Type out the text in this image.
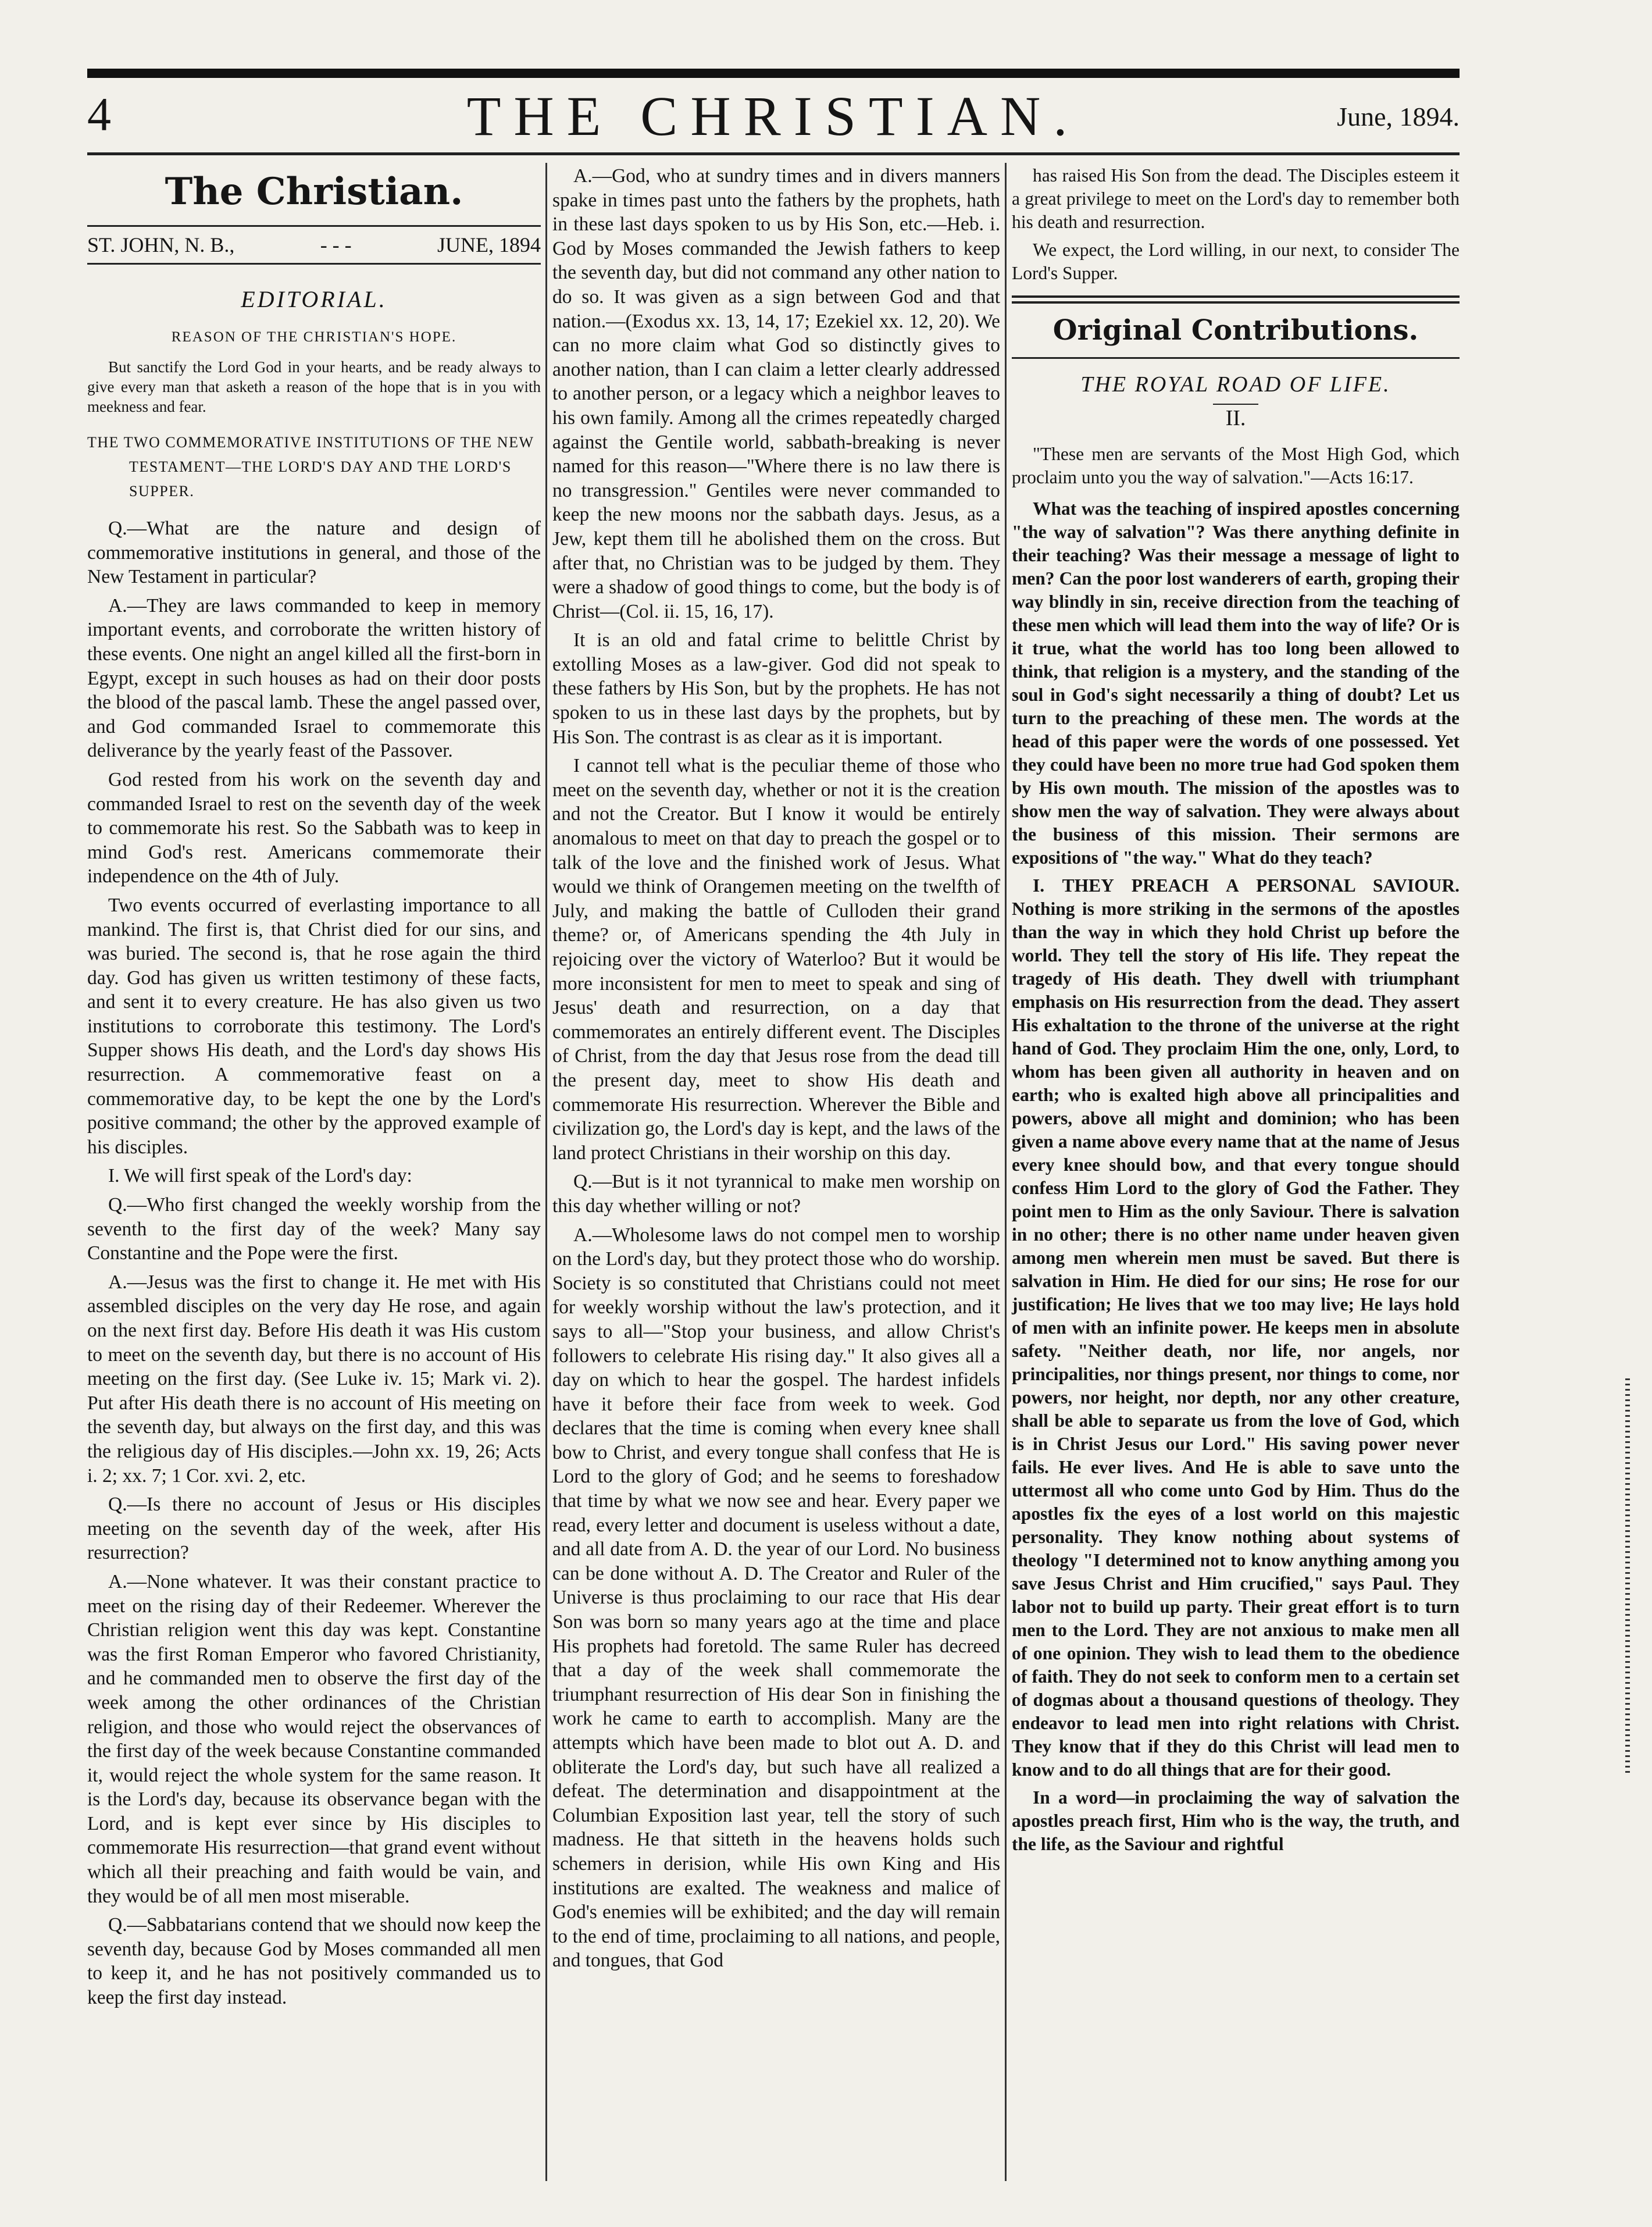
4	THE CHRISTIAN.	June, 1894.
The Christian.
ST. JOHN, N. B.,	- - -	JUNE, 1894
EDITORIAL.
REASON OF THE CHRISTIAN'S HOPE.

But sanctify the Lord God in your hearts, and be ready always to give every man that asketh a reason of the hope that is in you with meekness and fear.

THE TWO COMMEMORATIVE INSTITUTIONS OF THE NEW TESTAMENT—THE LORD'S DAY AND THE LORD'S SUPPER.

Q.—What are the nature and design of commemorative institutions in general, and those of the New Testament in particular?

A.—They are laws commanded to keep in memory important events, and corroborate the written history of these events. One night an angel killed all the first-born in Egypt, except in such houses as had on their door posts the blood of the pascal lamb. These the angel passed over, and God commanded Israel to commemorate this deliverance by the yearly feast of the Passover.

God rested from his work on the seventh day and commanded Israel to rest on the seventh day of the week to commemorate his rest. So the Sabbath was to keep in mind God's rest. Americans commemorate their independence on the 4th of July.

Two events occurred of everlasting importance to all mankind. The first is, that Christ died for our sins, and was buried. The second is, that he rose again the third day. God has given us written testimony of these facts, and sent it to every creature. He has also given us two institutions to corroborate this testimony. The Lord's Supper shows His death, and the Lord's day shows His resurrection. A commemorative feast on a commemorative day, to be kept the one by the Lord's positive command; the other by the approved example of his disciples.

I. We will first speak of the Lord's day:

Q.—Who first changed the weekly worship from the seventh to the first day of the week? Many say Constantine and the Pope were the first.

A.—Jesus was the first to change it. He met with His assembled disciples on the very day He rose, and again on the next first day. Before His death it was His custom to meet on the seventh day, but there is no account of His meeting on the first day. (See Luke iv. 15; Mark vi. 2). Put after His death there is no account of His meeting on the seventh day, but always on the first day, and this was the religious day of His disciples.—John xx. 19, 26; Acts i. 2; xx. 7; 1 Cor. xvi. 2, etc.

Q.—Is there no account of Jesus or His disciples meeting on the seventh day of the week, after His resurrection?

A.—None whatever. It was their constant practice to meet on the rising day of their Redeemer. Wherever the Christian religion went this day was kept. Constantine was the first Roman Emperor who favored Christianity, and he commanded men to observe the first day of the week among the other ordinances of the Christian religion, and those who would reject the observances of the first day of the week because Constantine commanded it, would reject the whole system for the same reason. It is the Lord's day, because its observance began with the Lord, and is kept ever since by His disciples to commemorate His resurrection—that grand event without which all their preaching and faith would be vain, and they would be of all men most miserable.

Q.—Sabbatarians contend that we should now keep the seventh day, because God by Moses commanded all men to keep it, and he has not positively commanded us to keep the first day instead.

A.—God, who at sundry times and in divers manners spake in times past unto the fathers by the prophets, hath in these last days spoken to us by His Son, etc.—Heb. i. God by Moses commanded the Jewish fathers to keep the seventh day, but did not command any other nation to do so. It was given as a sign between God and that nation.—(Exodus xx. 13, 14, 17; Ezekiel xx. 12, 20). We can no more claim what God so distinctly gives to another nation, than I can claim a letter clearly addressed to another person, or a legacy which a neighbor leaves to his own family. Among all the crimes repeatedly charged against the Gentile world, sabbath-breaking is never named for this reason—"Where there is no law there is no transgression." Gentiles were never commanded to keep the new moons nor the sabbath days. Jesus, as a Jew, kept them till he abolished them on the cross. But after that, no Christian was to be judged by them. They were a shadow of good things to come, but the body is of Christ—(Col. ii. 15, 16, 17).

It is an old and fatal crime to belittle Christ by extolling Moses as a law-giver. God did not speak to these fathers by His Son, but by the prophets. He has not spoken to us in these last days by the prophets, but by His Son. The contrast is as clear as it is important.

I cannot tell what is the peculiar theme of those who meet on the seventh day, whether or not it is the creation and not the Creator. But I know it would be entirely anomalous to meet on that day to preach the gospel or to talk of the love and the finished work of Jesus. What would we think of Orangemen meeting on the twelfth of July, and making the battle of Culloden their grand theme? or, of Americans spending the 4th July in rejoicing over the victory of Waterloo? But it would be more inconsistent for men to meet to speak and sing of Jesus' death and resurrection, on a day that commemorates an entirely different event. The Disciples of Christ, from the day that Jesus rose from the dead till the present day, meet to show His death and commemorate His resurrection. Wherever the Bible and civilization go, the Lord's day is kept, and the laws of the land protect Christians in their worship on this day.

Q.—But is it not tyrannical to make men worship on this day whether willing or not?

A.—Wholesome laws do not compel men to worship on the Lord's day, but they protect those who do worship. Society is so constituted that Christians could not meet for weekly worship without the law's protection, and it says to all—"Stop your business, and allow Christ's followers to celebrate His rising day." It also gives all a day on which to hear the gospel. The hardest infidels have it before their face from week to week. God declares that the time is coming when every knee shall bow to Christ, and every tongue shall confess that He is Lord to the glory of God; and he seems to foreshadow that time by what we now see and hear. Every paper we read, every letter and document is useless without a date, and all date from A. D. the year of our Lord. No business can be done without A. D. The Creator and Ruler of the Universe is thus proclaiming to our race that His dear Son was born so many years ago at the time and place His prophets had foretold. The same Ruler has decreed that a day of the week shall commemorate the triumphant resurrection of His dear Son in finishing the work he came to earth to accomplish. Many are the attempts which have been made to blot out A. D. and obliterate the Lord's day, but such have all realized a defeat. The determination and disappointment at the Columbian Exposition last year, tell the story of such madness. He that sitteth in the heavens holds such schemers in derision, while His own King and His institutions are exalted. The weakness and malice of God's enemies will be exhibited; and the day will remain to the end of time, proclaiming to all nations, and people, and tongues, that God

has raised His Son from the dead. The Disciples esteem it a great privilege to meet on the Lord's day to remember both his death and resurrection.

We expect, the Lord willing, in our next, to consider The Lord's Supper.

Original Contributions.
THE ROYAL ROAD OF LIFE.
II.

"These men are servants of the Most High God, which proclaim unto you the way of salvation."—Acts 16:17.

What was the teaching of inspired apostles concerning "the way of salvation"? Was there anything definite in their teaching? Was their message a message of light to men? Can the poor lost wanderers of earth, groping their way blindly in sin, receive direction from the teaching of these men which will lead them into the way of life? Or is it true, what the world has too long been allowed to think, that religion is a mystery, and the standing of the soul in God's sight necessarily a thing of doubt? Let us turn to the preaching of these men. The words at the head of this paper were the words of one possessed. Yet they could have been no more true had God spoken them by His own mouth. The mission of the apostles was to show men the way of salvation. They were always about the business of this mission. Their sermons are expositions of "the way." What do they teach?

I. THEY PREACH A PERSONAL SAVIOUR. Nothing is more striking in the sermons of the apostles than the way in which they hold Christ up before the world. They tell the story of His life. They repeat the tragedy of His death. They dwell with triumphant emphasis on His resurrection from the dead. They assert His exhaltation to the throne of the universe at the right hand of God. They proclaim Him the one, only, Lord, to whom has been given all authority in heaven and on earth; who is exalted high above all principalities and powers, above all might and dominion; who has been given a name above every name that at the name of Jesus every knee should bow, and that every tongue should confess Him Lord to the glory of God the Father. They point men to Him as the only Saviour. There is salvation in no other; there is no other name under heaven given among men wherein men must be saved. But there is salvation in Him. He died for our sins; He rose for our justification; He lives that we too may live; He lays hold of men with an infinite power. He keeps men in absolute safety. "Neither death, nor life, nor angels, nor principalities, nor things present, nor things to come, nor powers, nor height, nor depth, nor any other creature, shall be able to separate us from the love of God, which is in Christ Jesus our Lord." His saving power never fails. He ever lives. And He is able to save unto the uttermost all who come unto God by Him. Thus do the apostles fix the eyes of a lost world on this majestic personality. They know nothing about systems of theology "I determined not to know anything among you save Jesus Christ and Him crucified," says Paul. They labor not to build up party. Their great effort is to turn men to the Lord. They are not anxious to make men all of one opinion. They wish to lead them to the obedience of faith. They do not seek to conform men to a certain set of dogmas about a thousand questions of theology. They endeavor to lead men into right relations with Christ. They know that if they do this Christ will lead men to know and to do all things that are for their good.

In a word—in proclaiming the way of salvation the apostles preach first, Him who is the way, the truth, and the life, as the Saviour and rightful
